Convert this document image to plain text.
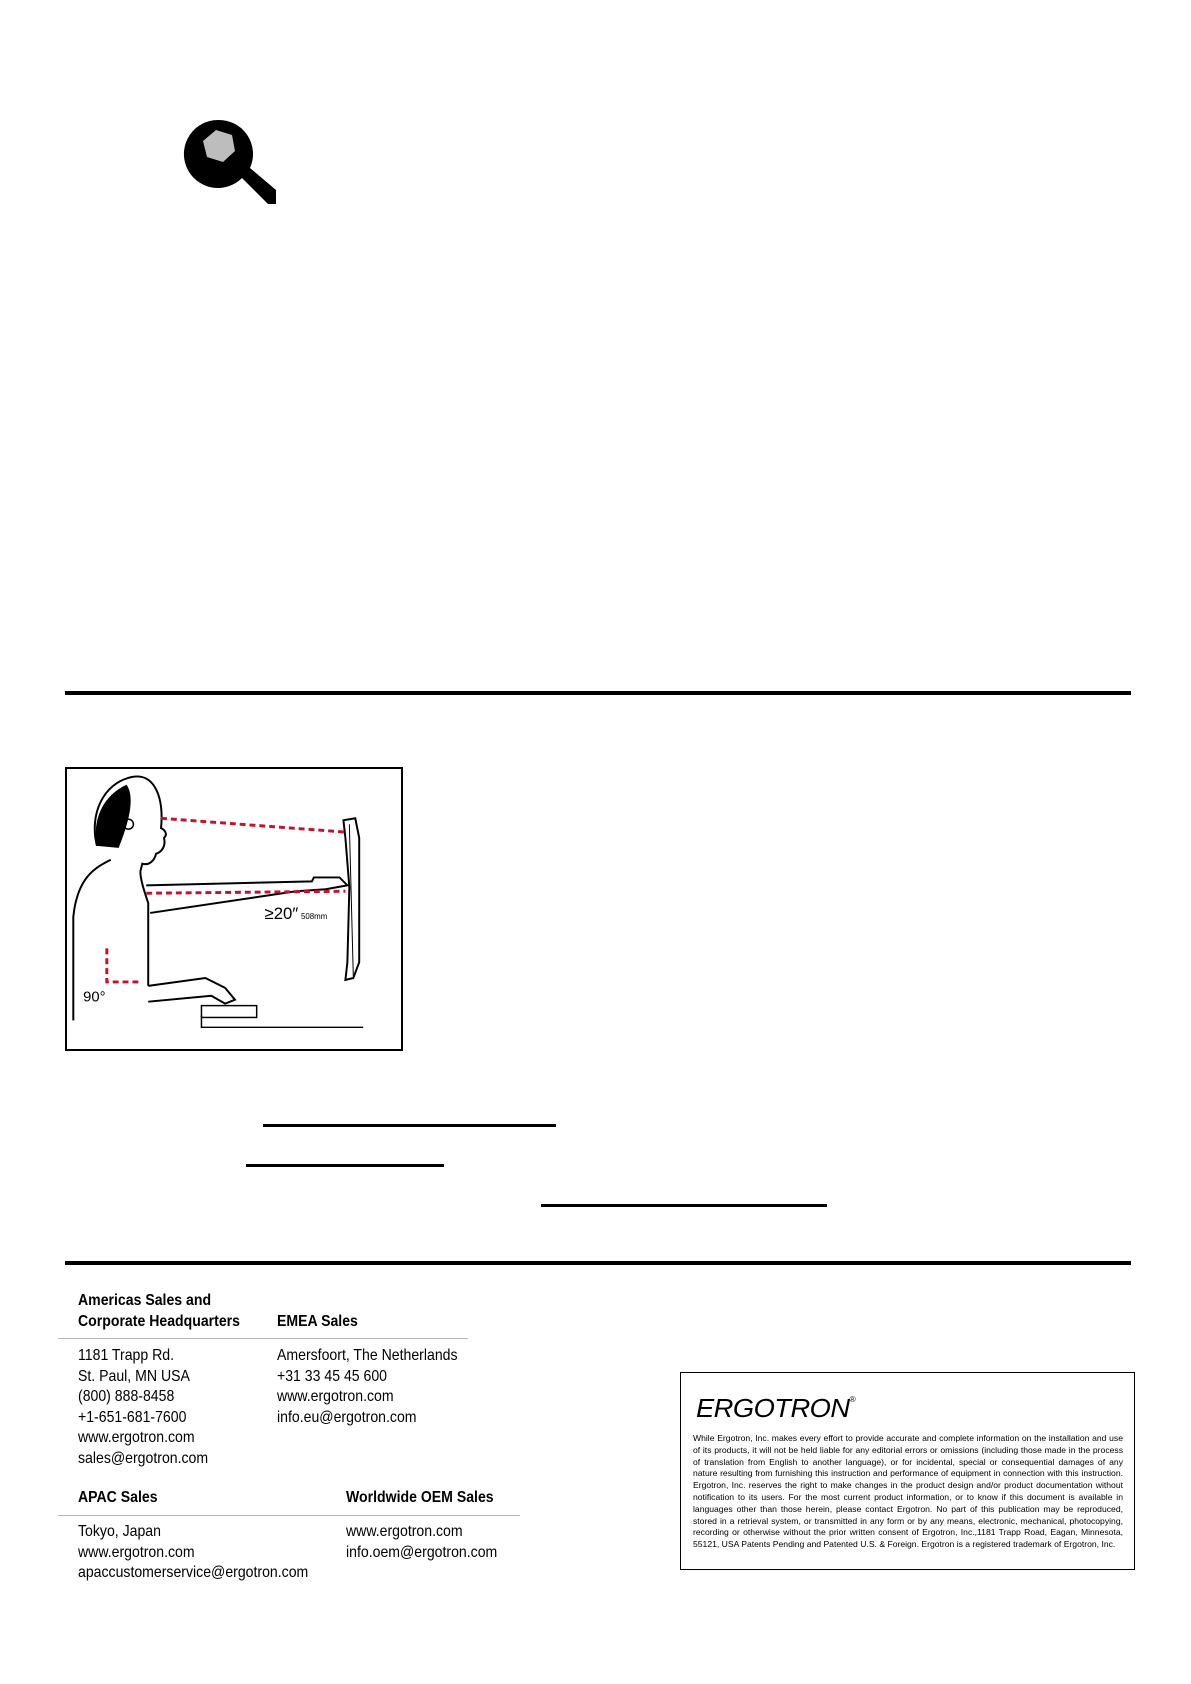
90°
≥20″ 508mm
Americas Sales and
Corporate Headquarters EMEA Sales
1181 Trapp Rd.
St. Paul, MN USA
(800) 888-8458
+1-651-681-7600
www.ergotron.com
sales@ergotron.com
Amersfoort, The Netherlands
+31 33 45 45 600
www.ergotron.com
info.eu@ergotron.com
APAC Sales	Worldwide OEM Sales
Tokyo, Japan
www.ergotron.com
apaccustomerservice@ergotron.com
www.ergotron.com
info.oem@ergotron.com
ERGOTRON®

While Ergotron, Inc. makes every effort to provide accurate and complete information on the installation and use of its products, it will not be held liable for any editorial errors or omissions (including those made in the process of translation from English to another language), or for incidental, special or consequential damages of any nature resulting from furnishing this instruction and performance of equipment in connection with this instruction. Ergotron, Inc. reserves the right to make changes in the product design and/or product documentation without notification to its users. For the most current product information, or to know if this document is available in languages other than those herein, please contact Ergotron. No part of this publication may be reproduced, stored in a retrieval system, or transmitted in any form or by any means, electronic, mechanical, photocopying, recording or otherwise without the prior written consent of Ergotron, Inc.,1181 Trapp Road, Eagan, Minnesota, 55121, USA Patents Pending and Patented U.S. & Foreign. Ergotron is a registered trademark of Ergotron, Inc.
